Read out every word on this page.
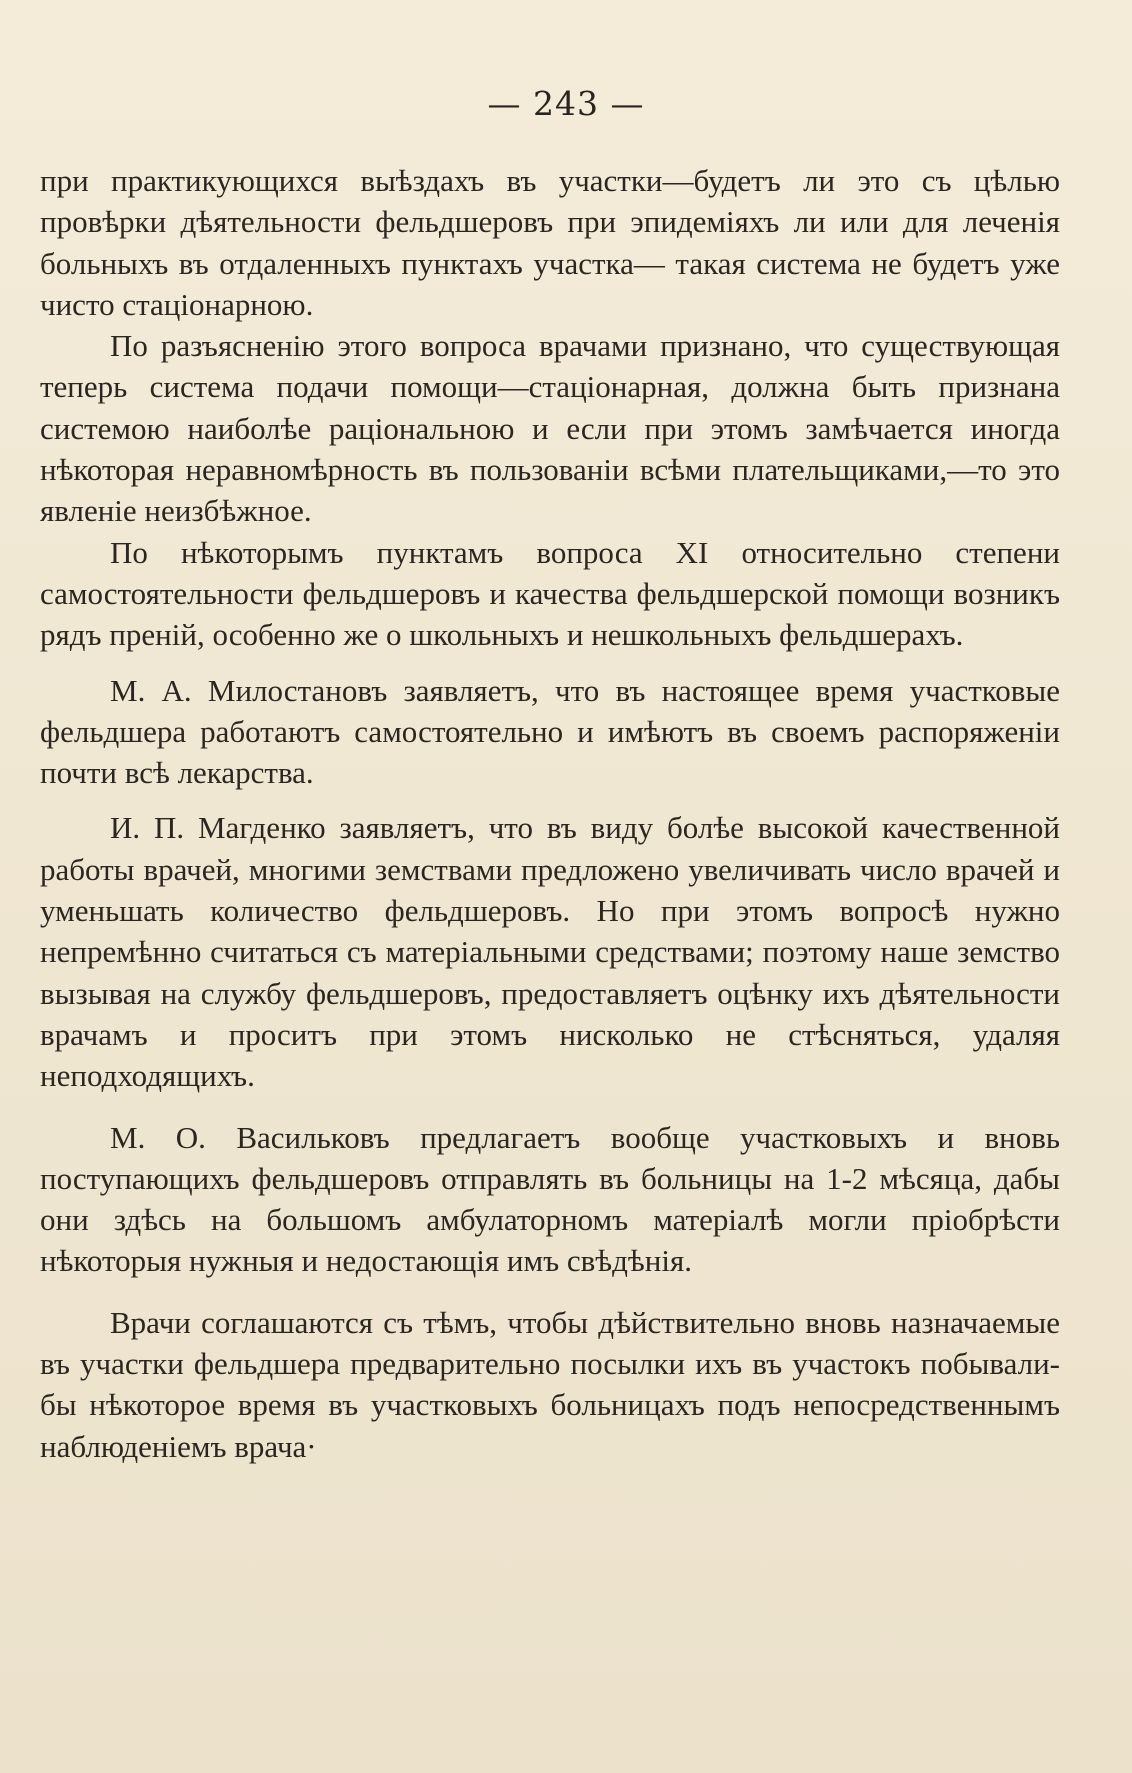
— 243 —

при практикующихся выѣздахъ въ участки—будетъ ли это съ цѣлью провѣрки дѣятельности фельдшеровъ при эпидеміяхъ ли или для леченія больныхъ въ отдаленныхъ пунктахъ участка— такая система не будетъ уже чисто стаціонарною.

По разъясненію этого вопроса врачами признано, что существующая теперь система подачи помощи—стаціонарная, должна быть признана системою наиболѣе раціональною и если при этомъ замѣчается иногда нѣкоторая неравномѣрность въ пользованіи всѣми плательщиками,—то это явленіе неизбѣжное.

По нѣкоторымъ пунктамъ вопроса XI относительно степени самостоятельности фельдшеровъ и качества фельдшерской помощи возникъ рядъ преній, особенно же о школьныхъ и нешкольныхъ фельдшерахъ.

М. А. Милостановъ заявляетъ, что въ настоящее время участковые фельдшера работаютъ самостоятельно и имѣютъ въ своемъ распоряженіи почти всѣ лекарства.

И. П. Магденко заявляетъ, что въ виду болѣе высокой качественной работы врачей, многими земствами предложено увеличивать число врачей и уменьшать количество фельдшеровъ. Но при этомъ вопросѣ нужно непремѣнно считаться съ матеріальными средствами; поэтому наше земство вызывая на службу фельдшеровъ, предоставляетъ оцѣнку ихъ дѣятельности врачамъ и проситъ при этомъ нисколько не стѣсняться, удаляя неподходящихъ.

М. О. Васильковъ предлагаетъ вообще участковыхъ и вновь поступающихъ фельдшеровъ отправлять въ больницы на 1-2 мѣсяца, дабы они здѣсь на большомъ амбулаторномъ матеріалѣ могли пріобрѣсти нѣкоторыя нужныя и недостающія имъ свѣдѣнія.

Врачи соглашаются съ тѣмъ, чтобы дѣйствительно вновь назначаемые въ участки фельдшера предварительно посылки ихъ въ участокъ побывали-бы нѣкоторое время въ участковыхъ больницахъ подъ непосредственнымъ наблюденіемъ врача·
